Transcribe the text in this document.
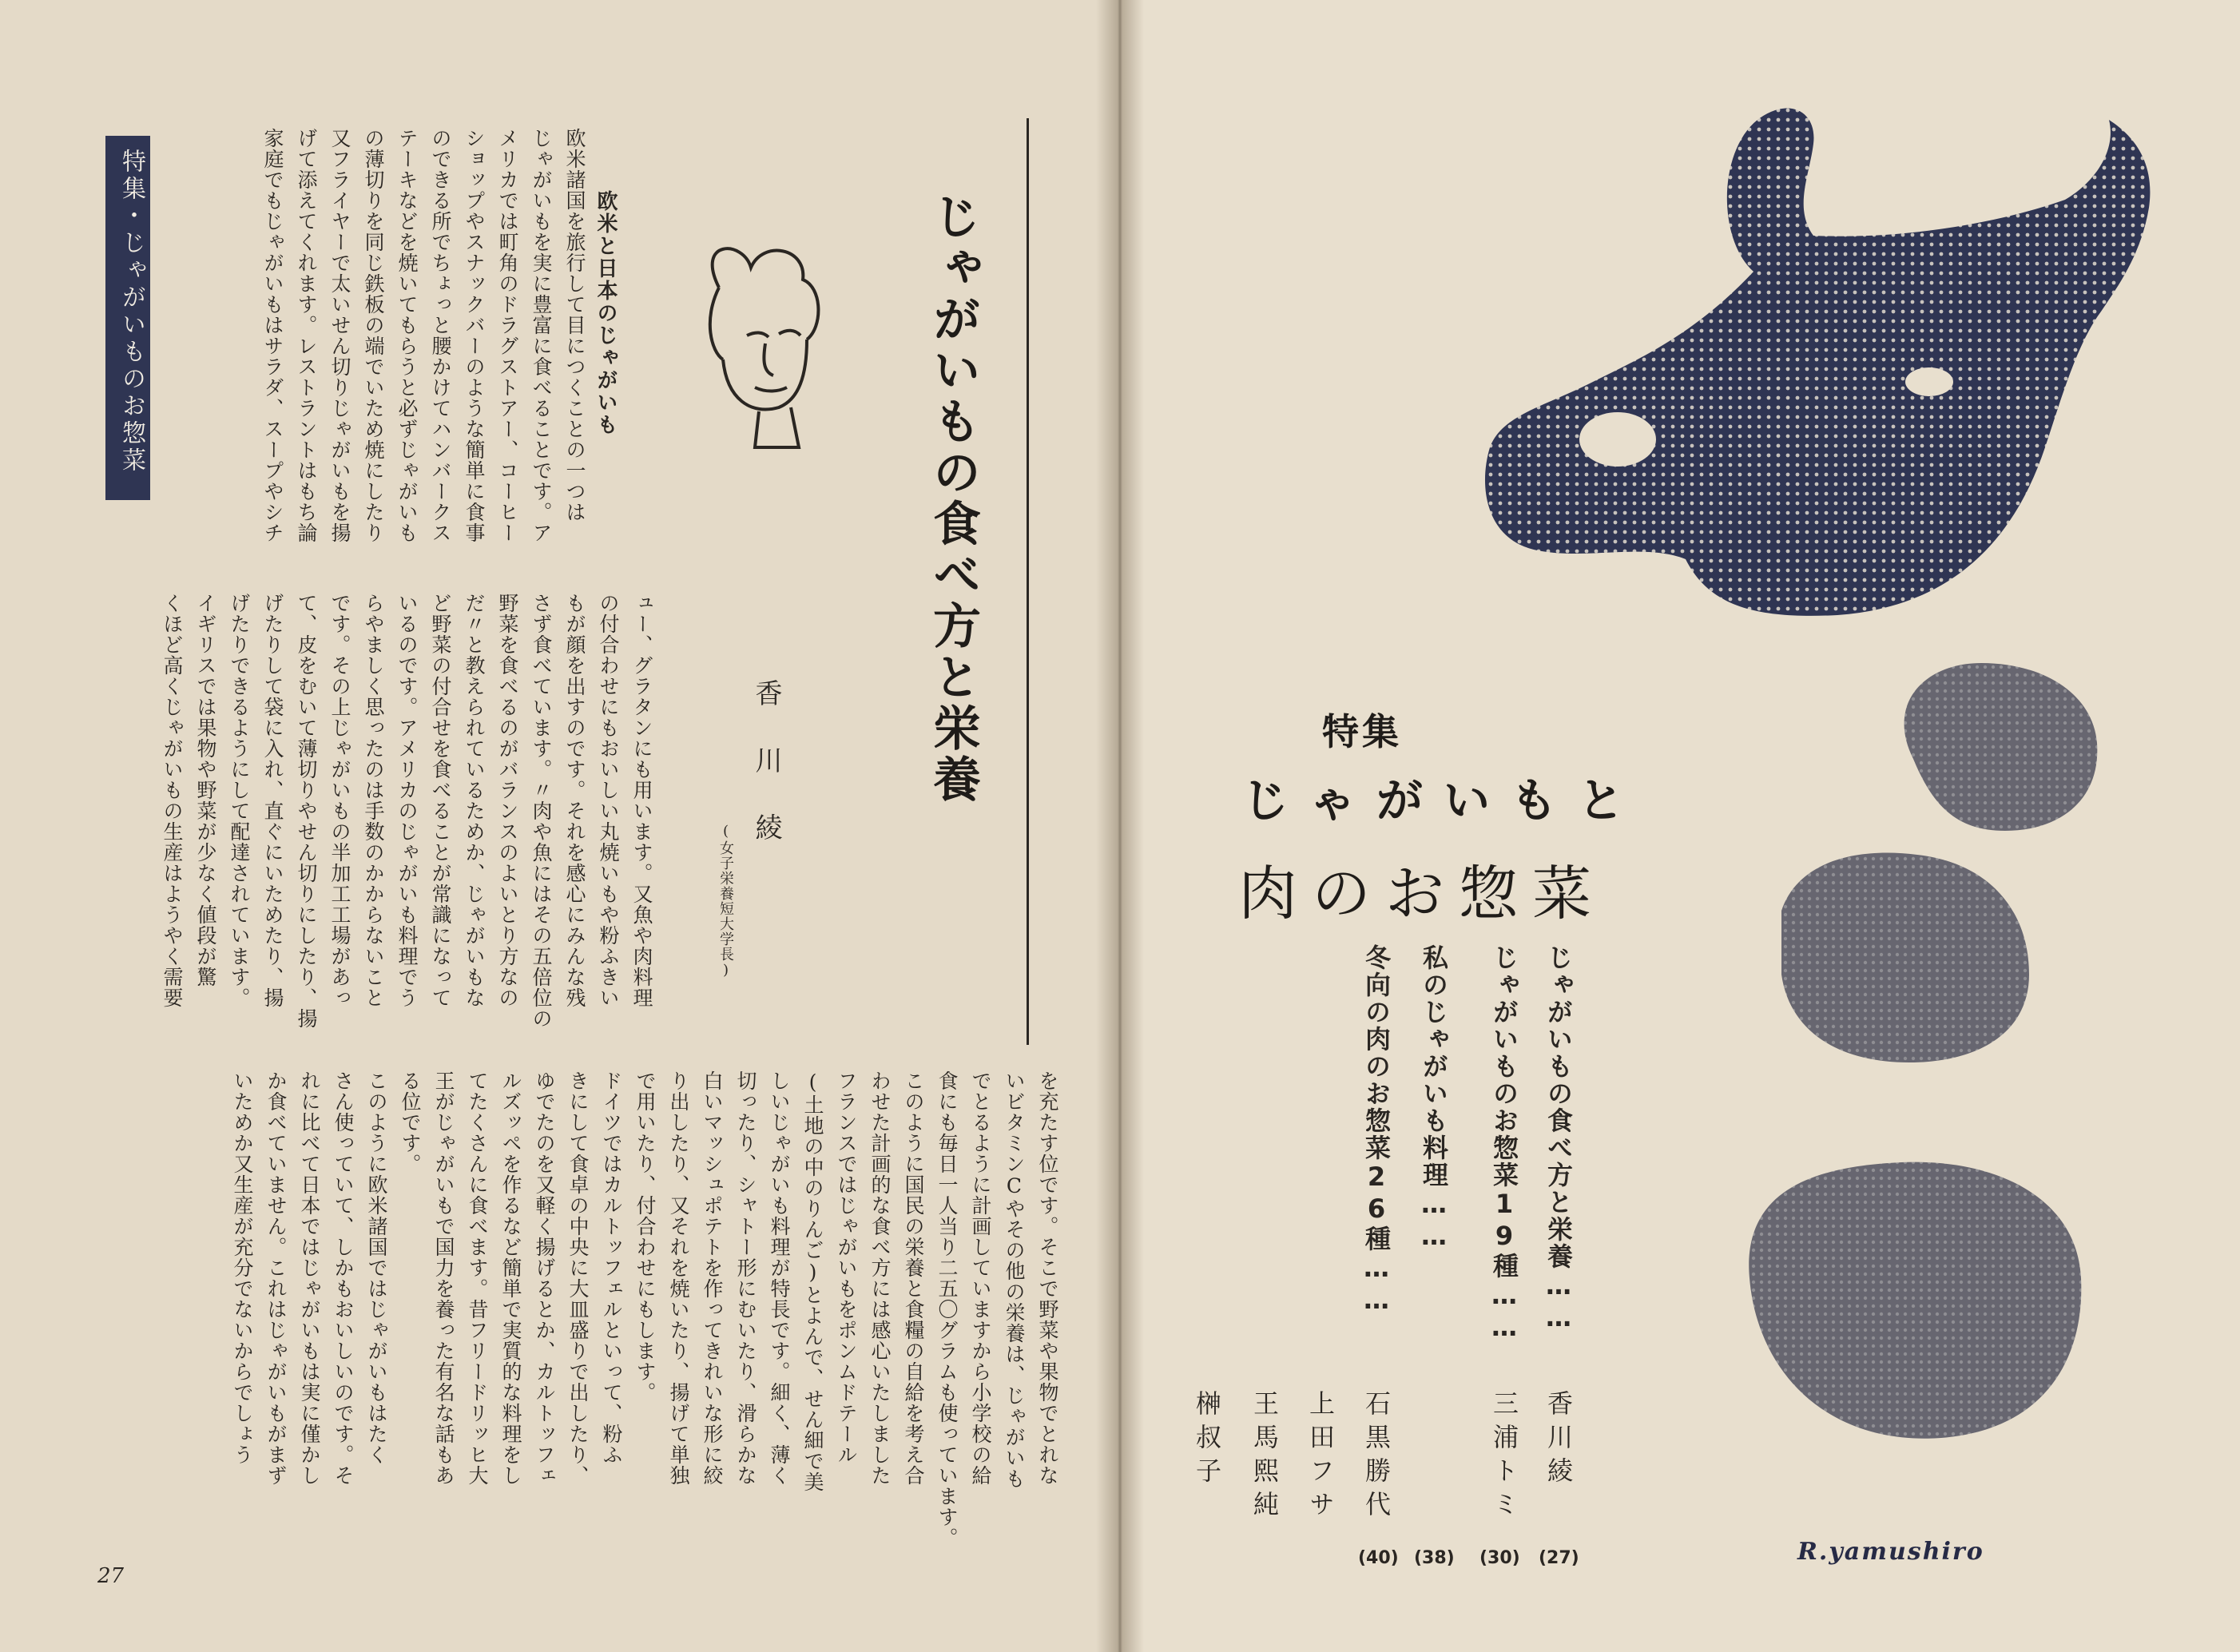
特集・じゃがいものお惣菜	じゃがいもの食べ方と栄養
欧米と日本のじゃがいも
香川綾
(女子栄養短大学長)
欧米諸国を旅行して目につくことの一つは
じゃがいもを実に豊富に食べることです。ア
メリカでは町角のドラグストアー、コーヒー
ショップやスナックバーのような簡単に食事
のできる所でちょっと腰かけてハンバークス
テーキなどを焼いてもらうと必ずじゃがいも
の薄切りを同じ鉄板の端でいため焼にしたり
又フライヤーで太いせん切りじゃがいもを揚
げて添えてくれます。レストラントはもち論
家庭でもじゃがいもはサラダ、スープやシチ
ュー、グラタンにも用います。又魚や肉料理
の付合わせにもおいしい丸焼いもや粉ふきい
もが顔を出すのです。それを感心にみんな残
さず食べています。〃肉や魚にはその五倍位の
野菜を食べるのがバランスのよいとり方なの
だ〃と教えられているためか、じゃがいもな
ど野菜の付合せを食べることが常識になって
いるのです。アメリカのじゃがいも料理でう
らやましく思ったのは手数のかからないこと
です。その上じゃがいもの半加工工場があっ
て、皮をむいて薄切りやせん切りにしたり、揚
げたりして袋に入れ、直ぐにいためたり、揚
げたりできるようにして配達されています。
イギリスでは果物や野菜が少なく値段が驚
くほど高くじゃがいもの生産はようやく需要
を充たす位です。そこで野菜や果物でとれな
いビタミンCやその他の栄養は、じゃがいも
でとるように計画していますから小学校の給
食にも毎日一人当り二五〇グラムも使っています。
このように国民の栄養と食糧の自給を考え合
わせた計画的な食べ方には感心いたしました
フランスではじゃがいもをポンムドテール
(土地の中のりんご)とよんで、せん細で美
しいじゃがいも料理が特長です。細く、薄く
切ったり、シャトー形にむいたり、滑らかな
白いマッシュポテトを作ってきれいな形に絞
り出したり、又それを焼いたり、揚げて単独
で用いたり、付合わせにもします。
ドイツではカルトッフェルといって、粉ふ
きにして食卓の中央に大皿盛りで出したり、
ゆでたのを又軽く揚げるとか、カルトッフェ
ルズッペを作るなど簡単で実質的な料理をし
てたくさんに食べます。昔フリードリッヒ大
王がじゃがいもで国力を養った有名な話もあ
る位です。
このように欧米諸国ではじゃがいもはたく
さん使っていて、しかもおいしいのです。そ
れに比べて日本ではじゃがいもは実に僅かし
か食べていません。これはじゃがいもがまず
いためか又生産が充分でないからでしょう
27
特集
じゃがいもと
肉のお惣菜
じゃがいもの食べ方と栄養……
じゃがいものお惣菜19種……
私のじゃがいも料理……
冬向の肉のお惣菜26種……
香川綾
三浦トミ
石黒勝代
上田フサ
王馬熙純
榊叔子
(27)
(30)
(38)
(40)	R.yamushiro
